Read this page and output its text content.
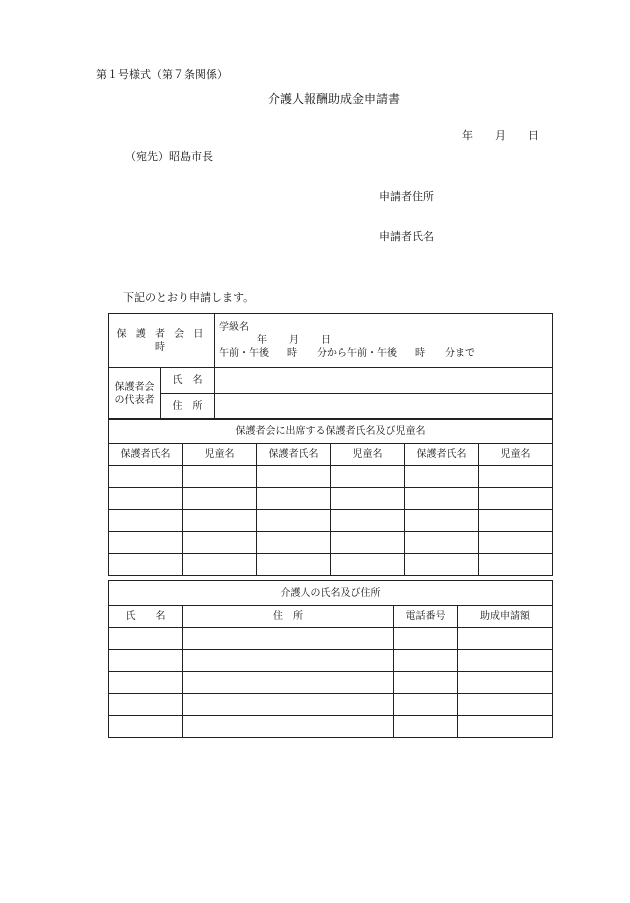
第１号様式（第７条関係）
介護人報酬助成金申請書
年 月 日
（宛先）昭島市長
申請者住所
申請者氏名
下記のとおり申請します。
保 護 者 会 日 時		学級名
年 月 日
午前・午後 時 分から午前・午後 時 分まで

保護者会
の代表者	氏　名	
	住　所	
保護者会に出席する保護者氏名及び児童名					
保護者氏名	児童名	保護者氏名	児童名	保護者氏名	児童名

介護人の氏名及び住所			
氏　　名	住　所	電話番号	助成申請額
